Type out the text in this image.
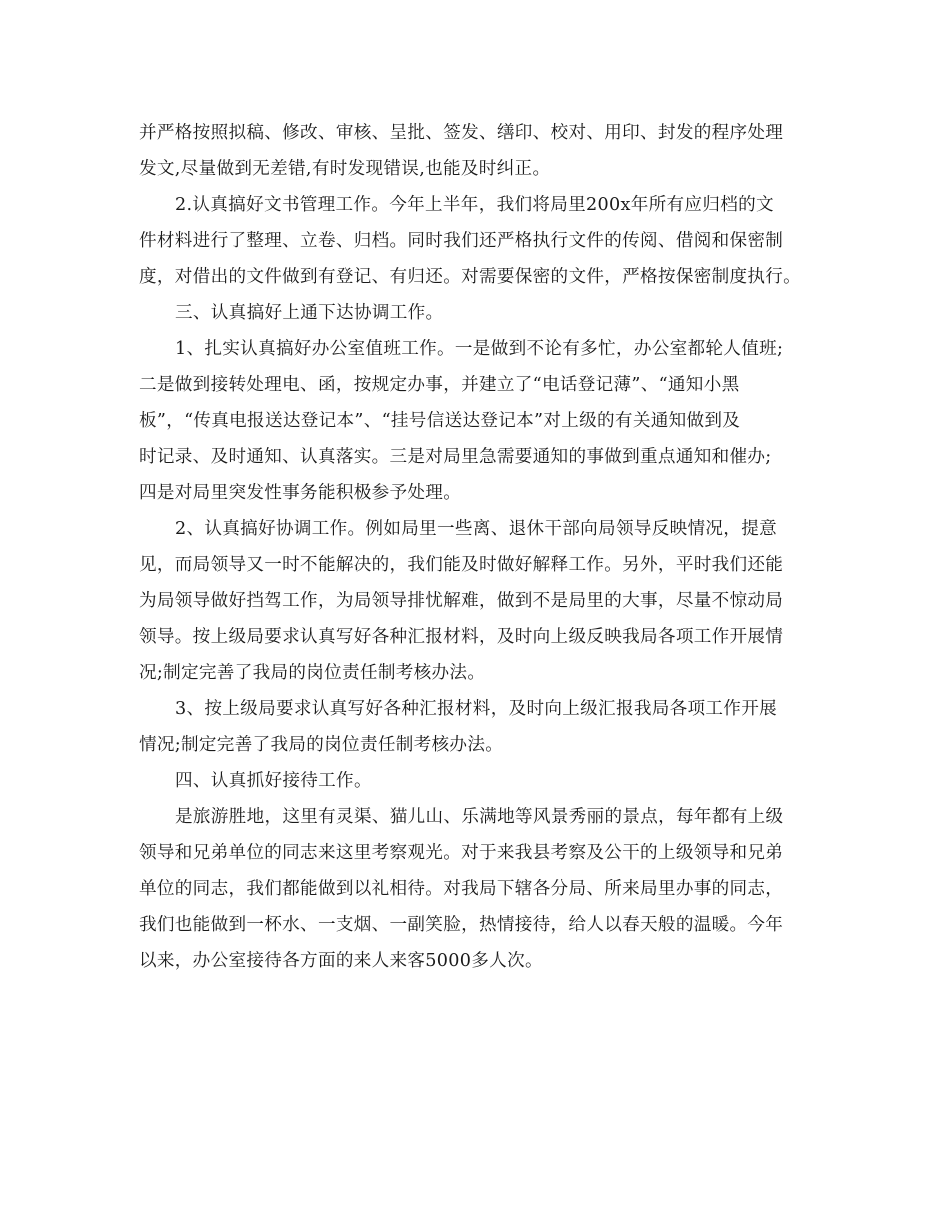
并严格按照拟稿、修改、审核、呈批、签发、缮印、校对、用印、封发的程序处理
发文,尽量做到无差错,有时发现错误,也能及时纠正。
2.认真搞好文书管理工作。今年上半年，我们将局里200x年所有应归档的文
件材料进行了整理、立卷、归档。同时我们还严格执行文件的传阅、借阅和保密制
度，对借出的文件做到有登记、有归还。对需要保密的文件，严格按保密制度执行。
三、认真搞好上通下达协调工作。
1、扎实认真搞好办公室值班工作。一是做到不论有多忙，办公室都轮人值班;
二是做到接转处理电、函，按规定办事，并建立了“电话登记薄”、“通知小黑
板”，“传真电报送达登记本”、“挂号信送达登记本”对上级的有关通知做到及
时记录、及时通知、认真落实。三是对局里急需要通知的事做到重点通知和催办;
四是对局里突发性事务能积极参予处理。
2、认真搞好协调工作。例如局里一些离、退休干部向局领导反映情况，提意
见，而局领导又一时不能解决的，我们能及时做好解释工作。另外，平时我们还能
为局领导做好挡驾工作，为局领导排忧解难，做到不是局里的大事，尽量不惊动局
领导。按上级局要求认真写好各种汇报材料，及时向上级反映我局各项工作开展情
况;制定完善了我局的岗位责任制考核办法。
3、按上级局要求认真写好各种汇报材料，及时向上级汇报我局各项工作开展
情况;制定完善了我局的岗位责任制考核办法。
四、认真抓好接待工作。
是旅游胜地，这里有灵渠、猫儿山、乐满地等风景秀丽的景点，每年都有上级
领导和兄弟单位的同志来这里考察观光。对于来我县考察及公干的上级领导和兄弟
单位的同志，我们都能做到以礼相待。对我局下辖各分局、所来局里办事的同志，
我们也能做到一杯水、一支烟、一副笑脸，热情接待，给人以春天般的温暖。今年
以来，办公室接待各方面的来人来客5000多人次。
